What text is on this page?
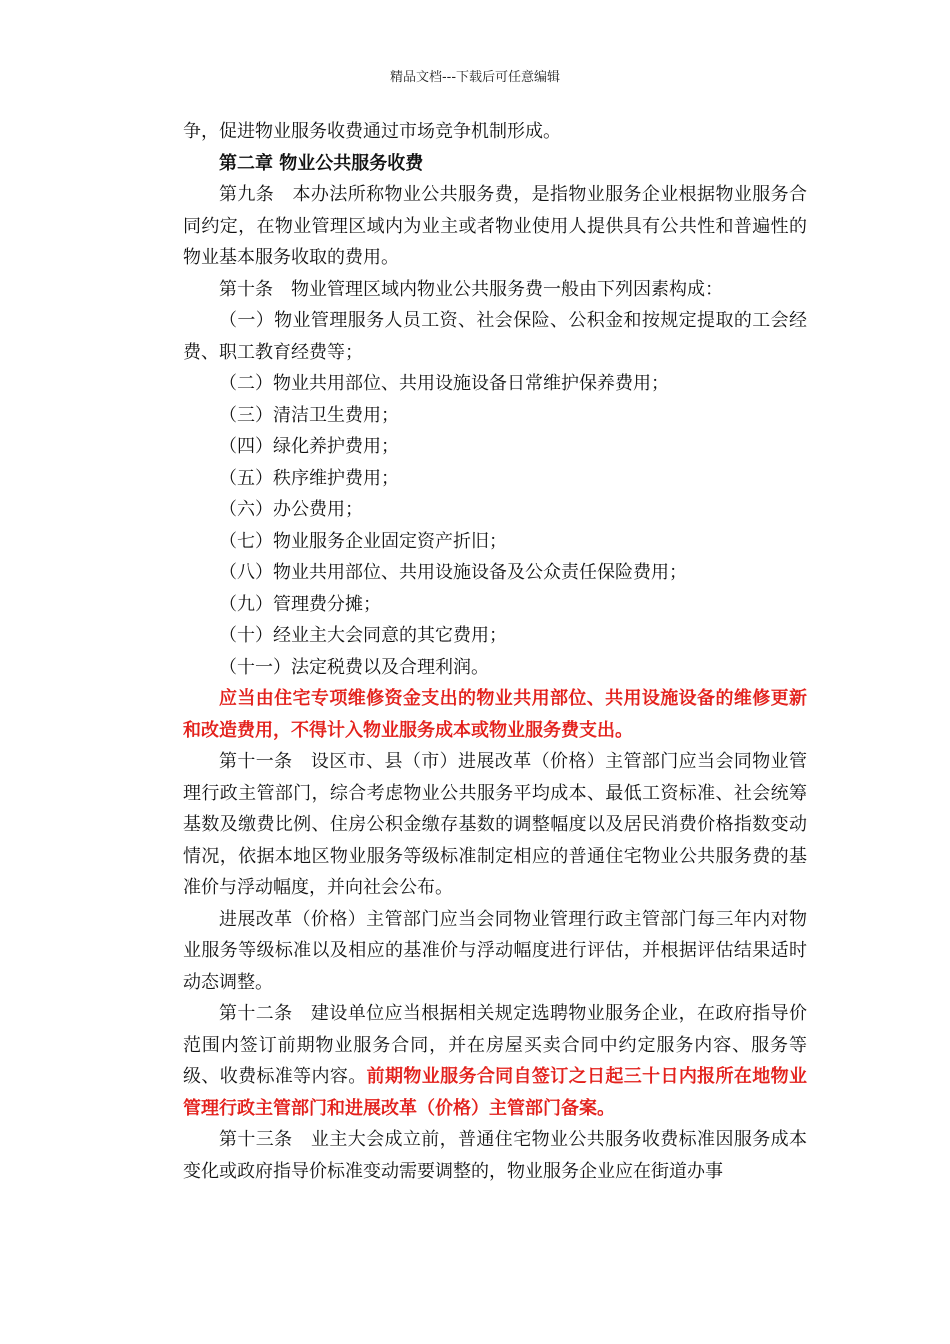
精品文档---下载后可任意编辑

争，促进物业服务收费通过市场竞争机制形成。

第二章 物业公共服务收费

第九条　本办法所称物业公共服务费，是指物业服务企业根据物业服务合同约定，在物业管理区域内为业主或者物业使用人提供具有公共性和普遍性的物业基本服务收取的费用。

第十条　物业管理区域内物业公共服务费一般由下列因素构成：

（一）物业管理服务人员工资、社会保险、公积金和按规定提取的工会经费、职工教育经费等；

（二）物业共用部位、共用设施设备日常维护保养费用；

（三）清洁卫生费用；

（四）绿化养护费用；

（五）秩序维护费用；

（六）办公费用；

（七）物业服务企业固定资产折旧；

（八）物业共用部位、共用设施设备及公众责任保险费用；

（九）管理费分摊；

（十）经业主大会同意的其它费用；

（十一）法定税费以及合理利润。

应当由住宅专项维修资金支出的物业共用部位、共用设施设备的维修更新和改造费用，不得计入物业服务成本或物业服务费支出。

第十一条　设区市、县（市）进展改革（价格）主管部门应当会同物业管理行政主管部门，综合考虑物业公共服务平均成本、最低工资标准、社会统筹基数及缴费比例、住房公积金缴存基数的调整幅度以及居民消费价格指数变动情况，依据本地区物业服务等级标准制定相应的普通住宅物业公共服务费的基准价与浮动幅度，并向社会公布。

进展改革（价格）主管部门应当会同物业管理行政主管部门每三年内对物业服务等级标准以及相应的基准价与浮动幅度进行评估，并根据评估结果适时动态调整。

第十二条　建设单位应当根据相关规定选聘物业服务企业，在政府指导价范围内签订前期物业服务合同，并在房屋买卖合同中约定服务内容、服务等级、收费标准等内容。前期物业服务合同自签订之日起三十日内报所在地物业管理行政主管部门和进展改革（价格）主管部门备案。

第十三条　业主大会成立前，普通住宅物业公共服务收费标准因服务成本变化或政府指导价标准变动需要调整的，物业服务企业应在街道办事
